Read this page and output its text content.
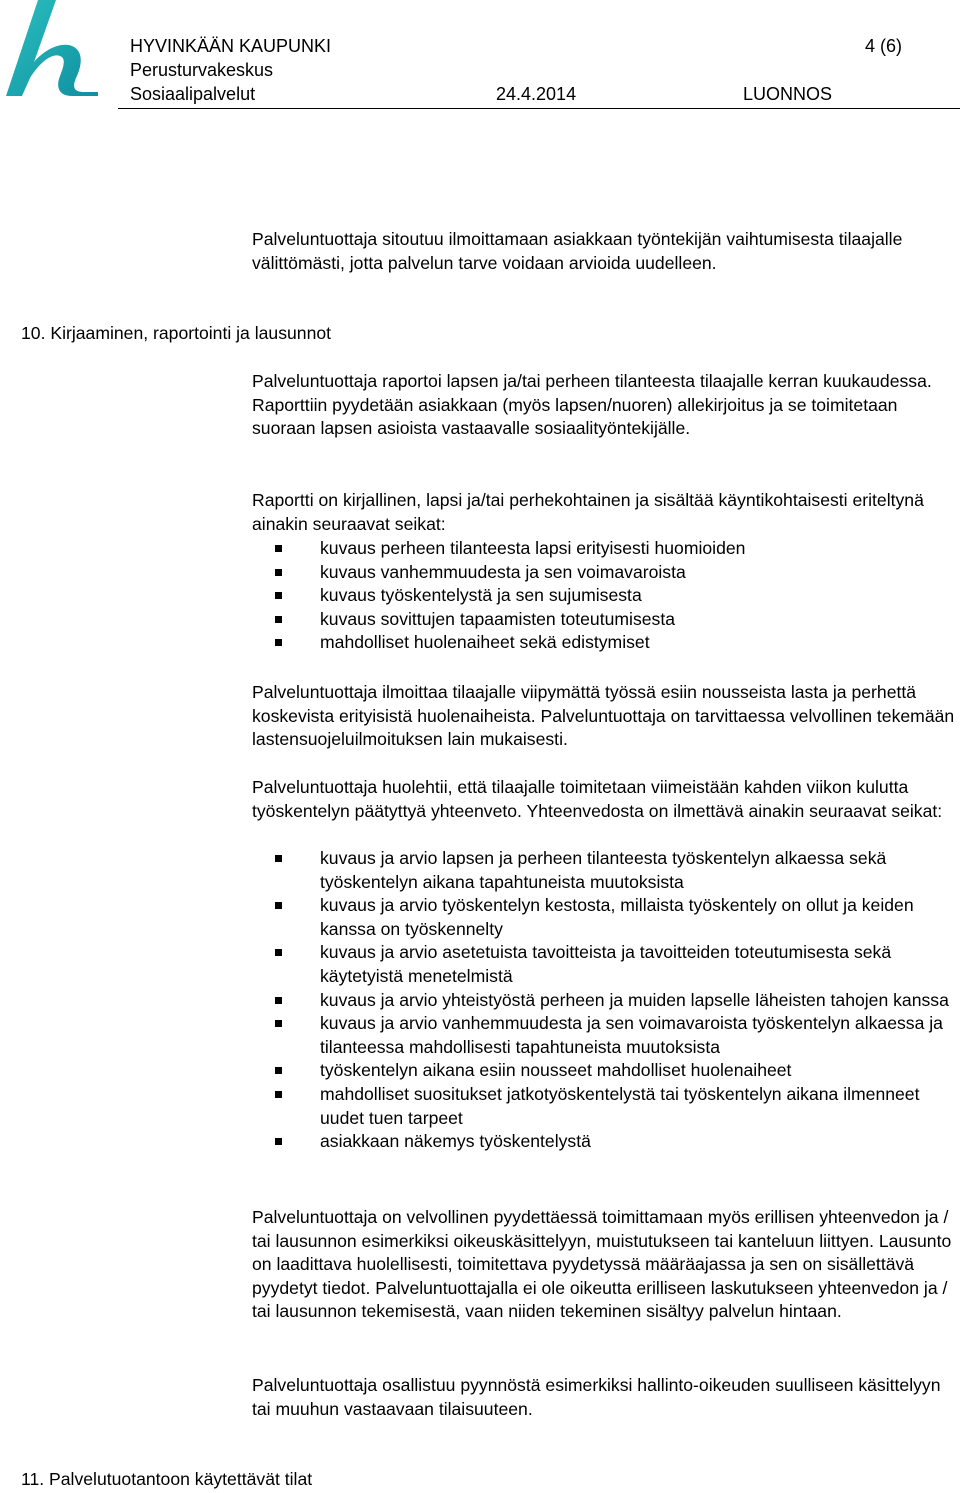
HYVINKÄÄN KAUPUNKI	4 (6)
Perusturvakeskus
Sosiaalipalvelut	24.4.2014	LUONNOS

Palveluntuottaja sitoutuu ilmoittamaan asiakkaan työntekijän vaihtumisesta tilaajalle välittömästi, jotta palvelun tarve voidaan arvioida uudelleen.

10. Kirjaaminen, raportointi ja lausunnot

Palveluntuottaja raportoi lapsen ja/tai perheen tilanteesta tilaajalle kerran kuukaudessa. Raporttiin pyydetään asiakkaan (myös lapsen/nuoren) allekirjoitus ja se toimitetaan suoraan lapsen asioista vastaavalle sosiaalityöntekijälle.

Raportti on kirjallinen, lapsi ja/tai perhekohtainen ja sisältää käyntikohtaisesti eriteltynä ainakin seuraavat seikat:

kuvaus perheen tilanteesta lapsi erityisesti huomioiden
kuvaus vanhemmuudesta ja sen voimavaroista
kuvaus työskentelystä ja sen sujumisesta
kuvaus sovittujen tapaamisten toteutumisesta
mahdolliset huolenaiheet sekä edistymiset

Palveluntuottaja ilmoittaa tilaajalle viipymättä työssä esiin nousseista lasta ja perhettä koskevista erityisistä huolenaiheista. Palveluntuottaja on tarvittaessa velvollinen tekemään lastensuojeluilmoituksen lain mukaisesti.

Palveluntuottaja huolehtii, että tilaajalle toimitetaan viimeistään kahden viikon kulutta työskentelyn päätyttyä yhteenveto. Yhteenvedosta on ilmettävä ainakin seuraavat seikat:

kuvaus ja arvio lapsen ja perheen tilanteesta työskentelyn alkaessa sekä työskentelyn aikana tapahtuneista muutoksista
kuvaus ja arvio työskentelyn kestosta, millaista työskentely on ollut ja keiden kanssa on työskennelty
kuvaus ja arvio asetetuista tavoitteista ja tavoitteiden toteutumisesta sekä käytetyistä menetelmistä
kuvaus ja arvio yhteistyöstä perheen ja muiden lapselle läheisten tahojen kanssa
kuvaus ja arvio vanhemmuudesta ja sen voimavaroista työskentelyn alkaessa ja tilanteessa mahdollisesti tapahtuneista muutoksista
työskentelyn aikana esiin nousseet mahdolliset huolenaiheet
mahdolliset suositukset jatkotyöskentelystä tai työskentelyn aikana ilmenneet uudet tuen tarpeet
asiakkaan näkemys työskentelystä

Palveluntuottaja on velvollinen pyydettäessä toimittamaan myös erillisen yhteenvedon ja / tai lausunnon esimerkiksi oikeuskäsittelyyn, muistutukseen tai kanteluun liittyen. Lausunto on laadittava huolellisesti, toimitettava pyydetyssä määräajassa ja sen on sisällettävä pyydetyt tiedot. Palveluntuottajalla ei ole oikeutta erilliseen laskutukseen yhteenvedon ja / tai lausunnon tekemisestä, vaan niiden tekeminen sisältyy palvelun hintaan.

Palveluntuottaja osallistuu pyynnöstä esimerkiksi hallinto-oikeuden suulliseen käsittelyyn tai muuhun vastaavaan tilaisuuteen.

11. Palvelutuotantoon käytettävät tilat
